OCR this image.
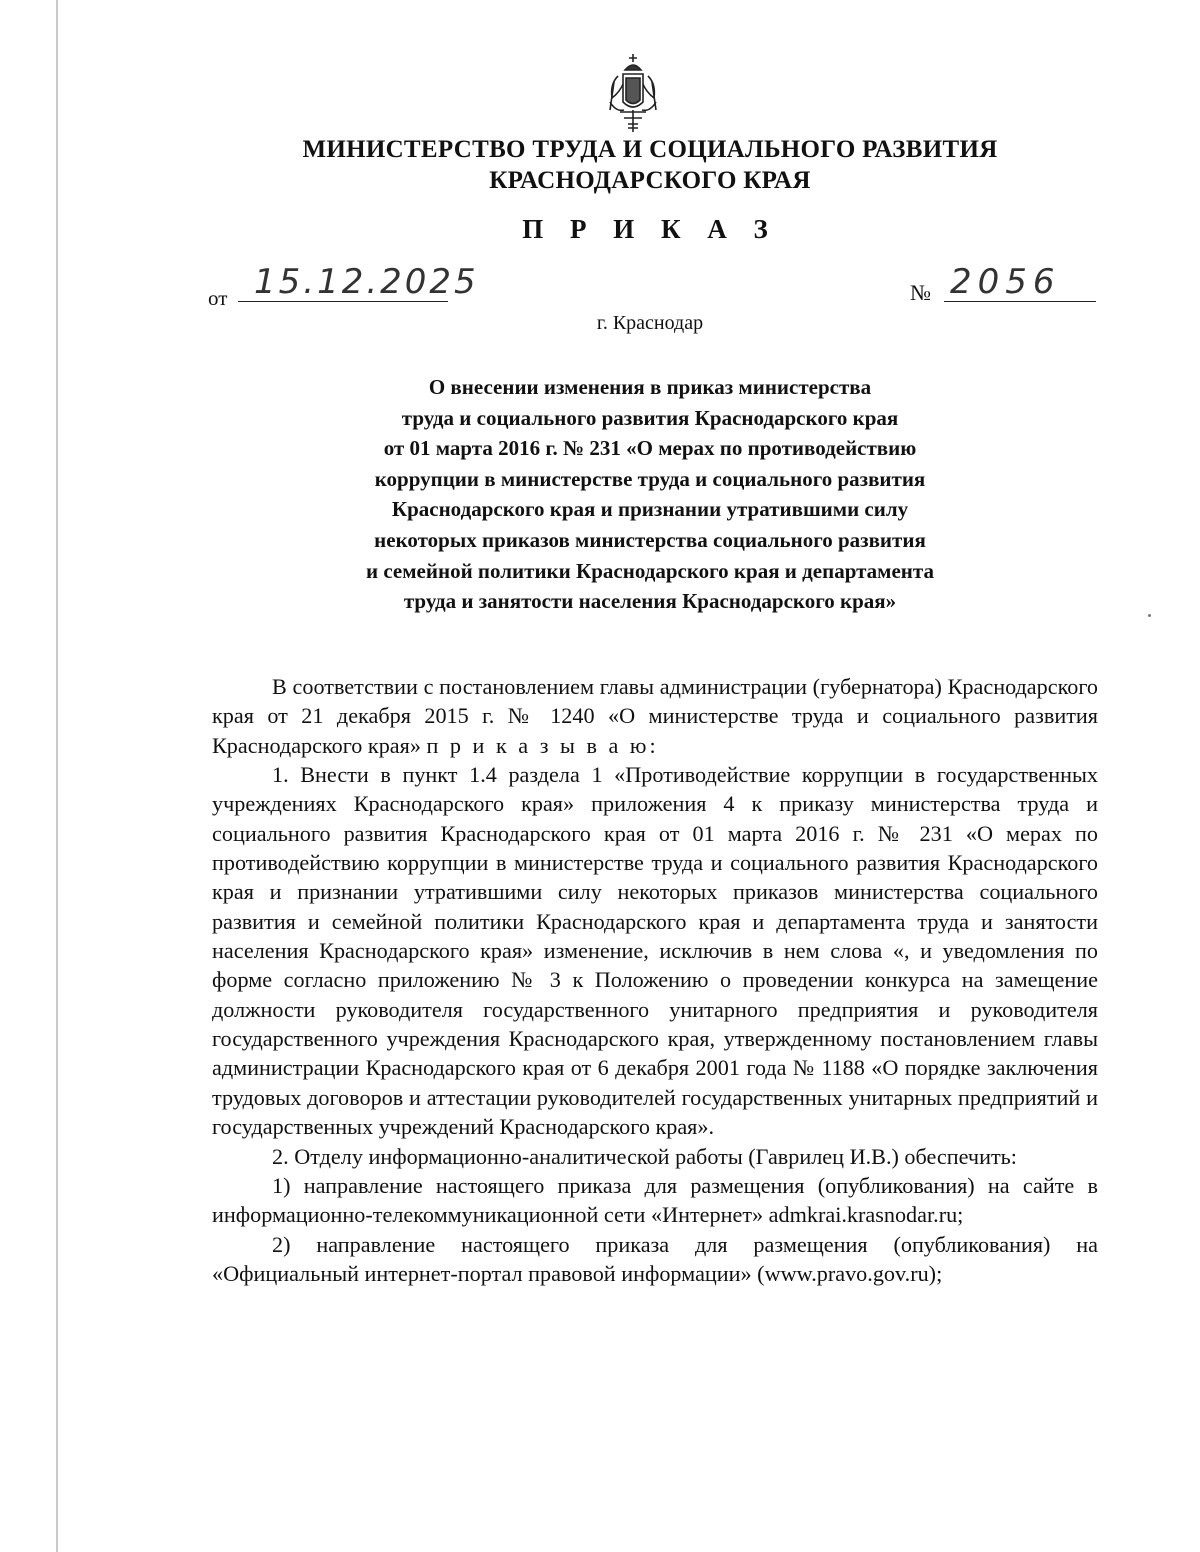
МИНИСТЕРСТВО ТРУДА И СОЦИАЛЬНОГО РАЗВИТИЯ
КРАСНОДАРСКОГО КРАЯ
П Р И К А З
от 15.12.2025	№ 2056
г. Краснодар
О внесении изменения в приказ министерства
труда и социального развития Краснодарского края
от 01 марта 2016 г. № 231 «О мерах по противодействию
коррупции в министерстве труда и социального развития
Краснодарского края и признании утратившими силу
некоторых приказов министерства социального развития
и семейной политики Краснодарского края и департамента
труда и занятости населения Краснодарского края»

В соответствии с постановлением главы администрации (губернатора) Краснодарского края от 21 декабря 2015 г. № 1240 «О министерстве труда и социального развития Краснодарского края» п р и к а з ы в а ю:

1. Внести в пункт 1.4 раздела 1 «Противодействие коррупции в государственных учреждениях Краснодарского края» приложения 4 к приказу министерства труда и социального развития Краснодарского края от 01 марта 2016 г. № 231 «О мерах по противодействию коррупции в министерстве труда и социального развития Краснодарского края и признании утратившими силу некоторых приказов министерства социального развития и семейной политики Краснодарского края и департамента труда и занятости населения Краснодарского края» изменение, исключив в нем слова «, и уведомления по форме согласно приложению № 3 к Положению о проведении конкурса на замещение должности руководителя государственного унитарного предприятия и руководителя государственного учреждения Краснодарского края, утвержденному постановлением главы администрации Краснодарского края от 6 декабря 2001 года № 1188 «О порядке заключения трудовых договоров и аттестации руководителей государственных унитарных предприятий и государственных учреждений Краснодарского края».

2. Отделу информационно-аналитической работы (Гаврилец И.В.) обеспечить:

1) направление настоящего приказа для размещения (опубликования) на сайте в информационно-телекоммуникационной сети «Интернет» admkrai.krasnodar.ru;

2) направление настоящего приказа для размещения (опубликования) на «Официальный интернет-портал правовой информации» (www.pravo.gov.ru);
